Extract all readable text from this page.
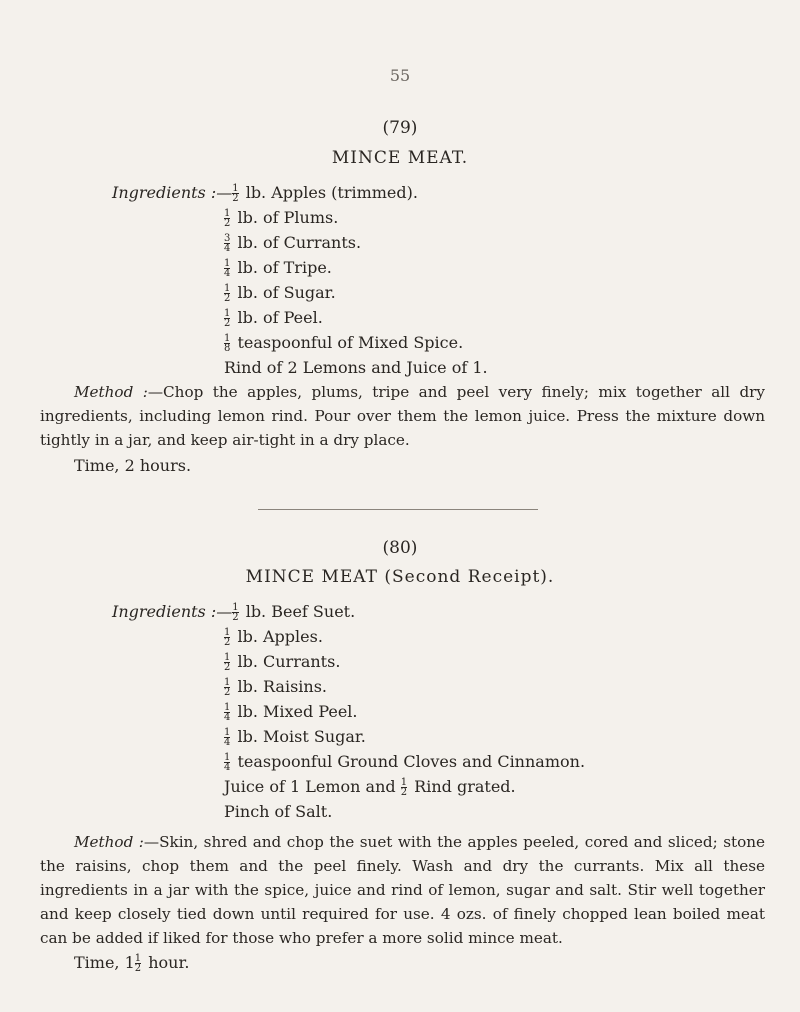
55
(79)
MINCE MEAT.
Ingredients :— $\frac{1}{2}$ lb. Apples (trimmed).
$\frac{1}{2}$ lb. of Plums.
$\frac{3}{4}$ lb. of Currants.
$\frac{1}{4}$ lb. of Tripe.
$\frac{1}{2}$ lb. of Sugar.
$\frac{1}{2}$ lb. of Peel.
$\frac{1}{8}$ teaspoonful of Mixed Spice.
Rind of 2 Lemons and Juice of 1.
Method :—Chop the apples, plums, tripe and peel very finely; mix together all dry ingredients, including lemon rind. Pour over them the lemon juice. Press the mixture down tightly in a jar, and keep air-tight in a dry place.
Time, 2 hours.
(80)
MINCE MEAT (Second Receipt).
Ingredients :— $\frac{1}{2}$ lb. Beef Suet.
$\frac{1}{2}$ lb. Apples.
$\frac{1}{2}$ lb. Currants.
$\frac{1}{2}$ lb. Raisins.
$\frac{1}{4}$ lb. Mixed Peel.
$\frac{1}{4}$ lb. Moist Sugar.
$\frac{1}{4}$ teaspoonful Ground Cloves and Cinnamon.
Juice of 1 Lemon and $\frac{1}{2}$ Rind grated.
Pinch of Salt.
Method :—Skin, shred and chop the suet with the apples peeled, cored and sliced; stone the raisins, chop them and the peel finely. Wash and dry the currants. Mix all these ingredients in a jar with the spice, juice and rind of lemon, sugar and salt. Stir well together and keep closely tied down until required for use. 4 ozs. of finely chopped lean boiled meat can be added if liked for those who prefer a more solid mince meat.
Time, $1 \frac{1}{2}$ hour.
